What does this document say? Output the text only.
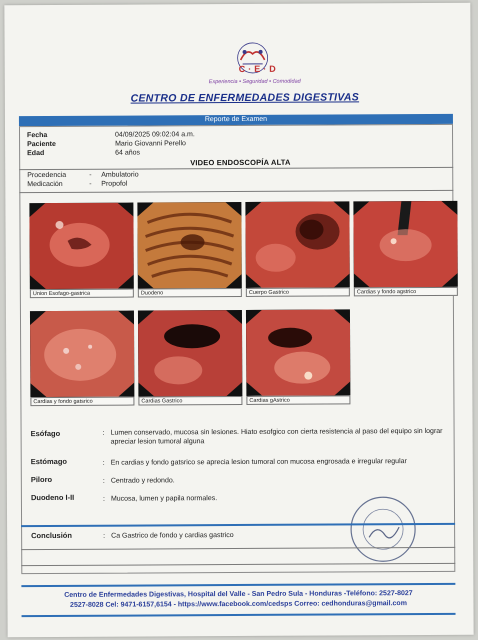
C·E·D
Experiencia • Seguridad • Comodidad
CENTRO DE ENFERMEDADES DIGESTIVAS
Reporte de Examen
Fecha	04/09/2025 09:02:04 a.m.
Paciente	Mario Giovanni Perello
Edad	64 años
VIDEO ENDOSCOPÍA ALTA
Procedencia	- Ambulatorio
Medicación	- Propofol
Union Esofago-gastrica	Duodeno	Cuerpo Gastrico	Cardias y fondo agstrico
Cardias y fondo gatsrico	Cardias Gastrico	Cardias gAstrico
Esófago	: Lumen conservado, mucosa sin lesiones. Hiato esofgico con cierta resistencia al paso del equipo sin lograr apreciar lesion tumoral alguna
Estómago	: En cardias y fondo gatsrico se aprecia lesion tumoral con mucosa engrosada e irregular regular
Piloro	: Centrado y redondo.
Duodeno I-II	: Mucosa, lumen y papila normales.
Conclusión	: Ca Gastrico de fondo y cardias gastrico
Centro de Enfermedades Digestivas, Hospital del Valle - San Pedro Sula - Honduras -Teléfono: 2527-8027
2527-8028 Cel: 9471-6157,6154 - https://www.facebook.com/cedsps Correo: cedhonduras@gmail.com
